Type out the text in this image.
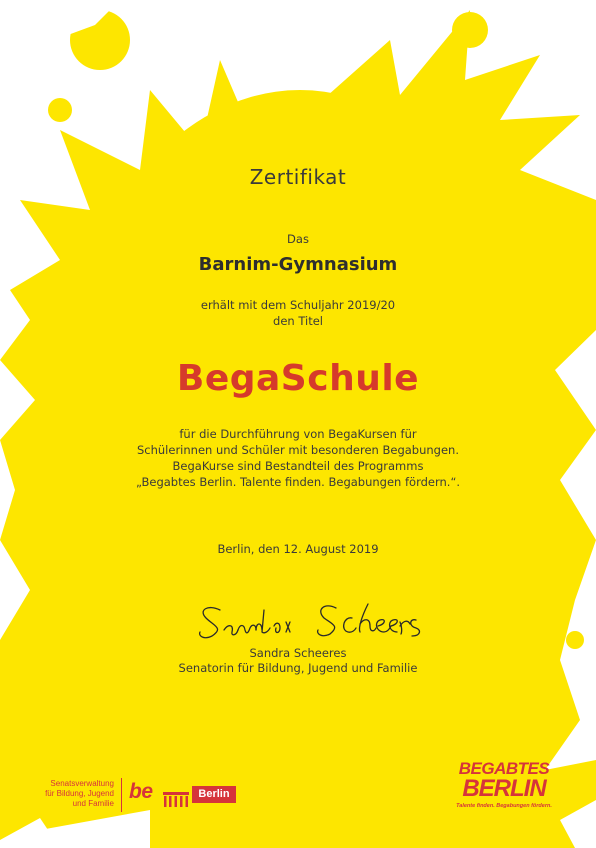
Zertifikat
Das
Barnim-Gymnasium
erhält mit dem Schuljahr 2019/20
den Titel
BegaSchule
für die Durchführung von BegaKursen für
Schülerinnen und Schüler mit besonderen Begabungen.
BegaKurse sind Bestandteil des Programms
„Begabtes Berlin. Talente finden. Begabungen fördern.“.
Berlin, den 12. August 2019
Sandra Scheeres
Senatorin für Bildung, Jugend und Familie
Senatsverwaltung
für Bildung, Jugend
und Familie
be	Berlin
BEGABTES
BERLIN
Talente finden. Begabungen fördern.
